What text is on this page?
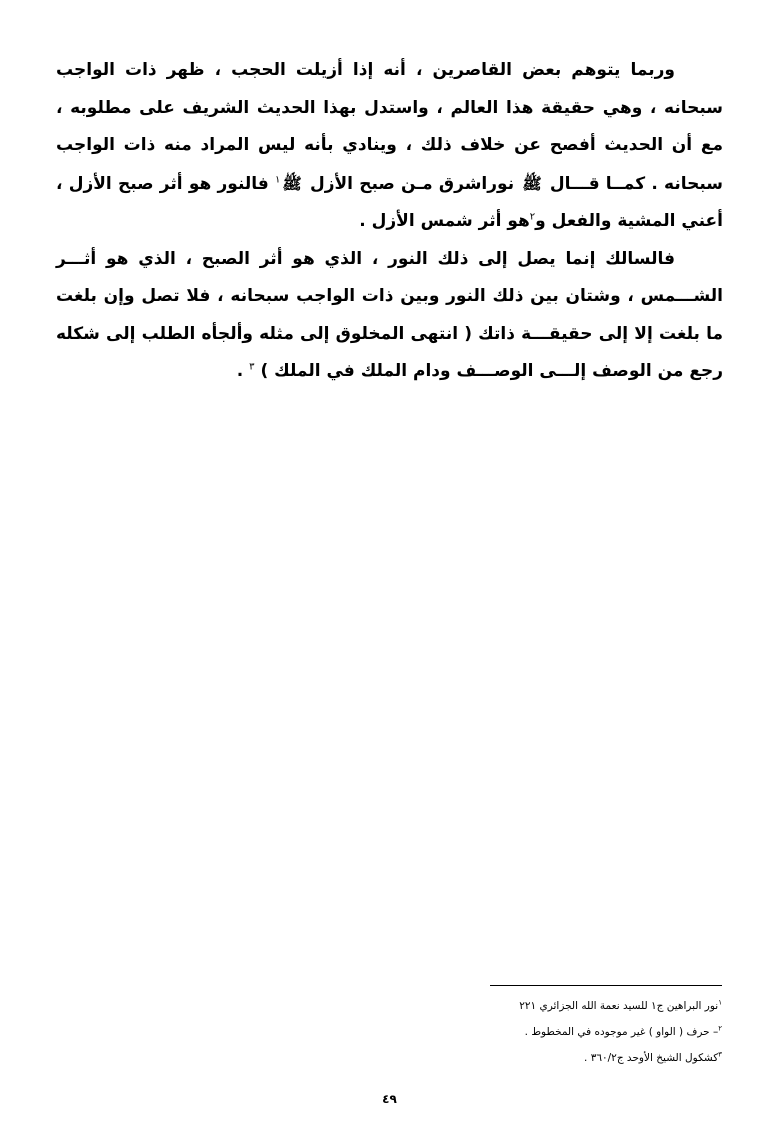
وربما يتوهم بعض القاصرين ، أنه إذا أزيلت الحجب ، ظهر ذات الواجب سبحانه ، وهي حقيقة هذا العالم ، واستدل بهذا الحديث الشريف على مطلوبه ، مع أن الحديث أفصح عن خلاف ذلك ، وينادي بأنه ليس المراد منه ذات الواجب سبحانه . كمــا قـــال ﷺ نوراشرق مـن صبح الأزل ﷺ$^١$ فالنور هو أثر صبح الأزل ، أعني المشية والفعل و$^٢$هو أثر شمس الأزل .

فالسالك إنما يصل إلى ذلك النور ، الذي هو أثر الصبح ، الذي هو أثـــر الشـــمس ، وشتان بين ذلك النور وبين ذات الواجب سبحانه ، فلا تصل وإن بلغت ما بلغت إلا إلى حقيقـــة ذاتك ( انتهى المخلوق إلى مثله وألجأه الطلب إلى شكله رجع من الوصف إلـــى الوصـــف ودام الملك في الملك ) $^٣$ .

$^١$نور البراهين ج١ للسيد نعمة الله الجزائري ٢٢١

$^٢$– حرف ( الواو ) غير موجوده في المخطوط .

$^٣$كشكول الشيخ الأوحد ج٣٦٠/٢ .

٤٩
